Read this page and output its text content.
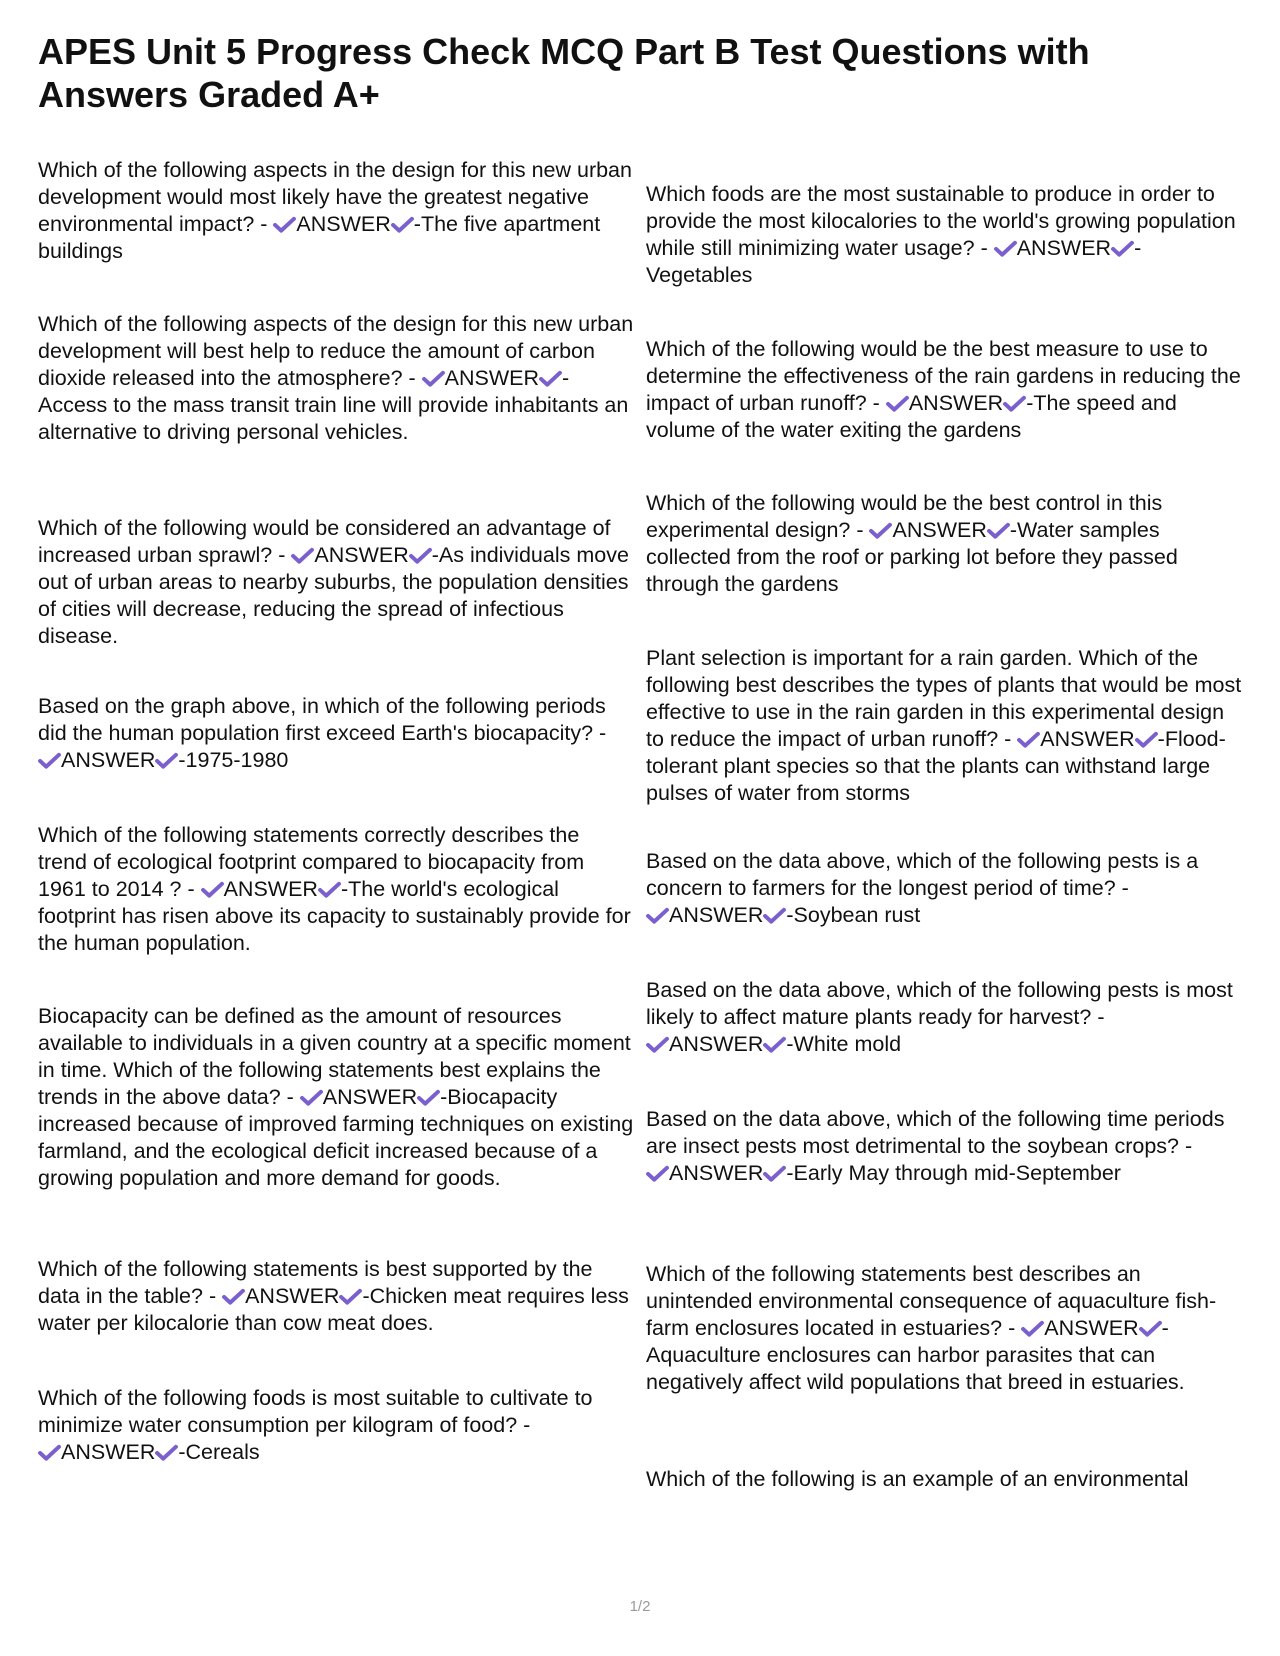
APES Unit 5 Progress Check MCQ Part B Test Questions with Answers Graded A+

Which of the following aspects in the design for this new urban development would most likely have the greatest negative environmental impact? - ANSWER -The five apartment buildings

Which of the following aspects of the design for this new urban development will best help to reduce the amount of carbon dioxide released into the atmosphere? - ANSWER -Access to the mass transit train line will provide inhabitants an alternative to driving personal vehicles.

Which of the following would be considered an advantage of increased urban sprawl? - ANSWER -As individuals move out of urban areas to nearby suburbs, the population densities of cities will decrease, reducing the spread of infectious disease.

Based on the graph above, in which of the following periods did the human population first exceed Earth's biocapacity? - ANSWER -1975-1980

Which of the following statements correctly describes the trend of ecological footprint compared to biocapacity from 1961 to 2014 ? - ANSWER -The world's ecological footprint has risen above its capacity to sustainably provide for the human population.

Biocapacity can be defined as the amount of resources available to individuals in a given country at a specific moment in time. Which of the following statements best explains the trends in the above data? - ANSWER -Biocapacity increased because of improved farming techniques on existing farmland, and the ecological deficit increased because of a growing population and more demand for goods.

Which of the following statements is best supported by the data in the table? - ANSWER -Chicken meat requires less water per kilocalorie than cow meat does.

Which of the following foods is most suitable to cultivate to minimize water consumption per kilogram of food? - ANSWER -Cereals

Which foods are the most sustainable to produce in order to provide the most kilocalories to the world's growing population while still minimizing water usage? - ANSWER -Vegetables

Which of the following would be the best measure to use to determine the effectiveness of the rain gardens in reducing the impact of urban runoff? - ANSWER -The speed and volume of the water exiting the gardens

Which of the following would be the best control in this experimental design? - ANSWER -Water samples collected from the roof or parking lot before they passed through the gardens

Plant selection is important for a rain garden. Which of the following best describes the types of plants that would be most effective to use in the rain garden in this experimental design to reduce the impact of urban runoff? - ANSWER -Flood-tolerant plant species so that the plants can withstand large pulses of water from storms

Based on the data above, which of the following pests is a concern to farmers for the longest period of time? - ANSWER -Soybean rust

Based on the data above, which of the following pests is most likely to affect mature plants ready for harvest? - ANSWER -White mold

Based on the data above, which of the following time periods are insect pests most detrimental to the soybean crops? - ANSWER -Early May through mid-September

Which of the following statements best describes an unintended environmental consequence of aquaculture fish-farm enclosures located in estuaries? - ANSWER -Aquaculture enclosures can harbor parasites that can negatively affect wild populations that breed in estuaries.

Which of the following is an example of an environmental

1/2
